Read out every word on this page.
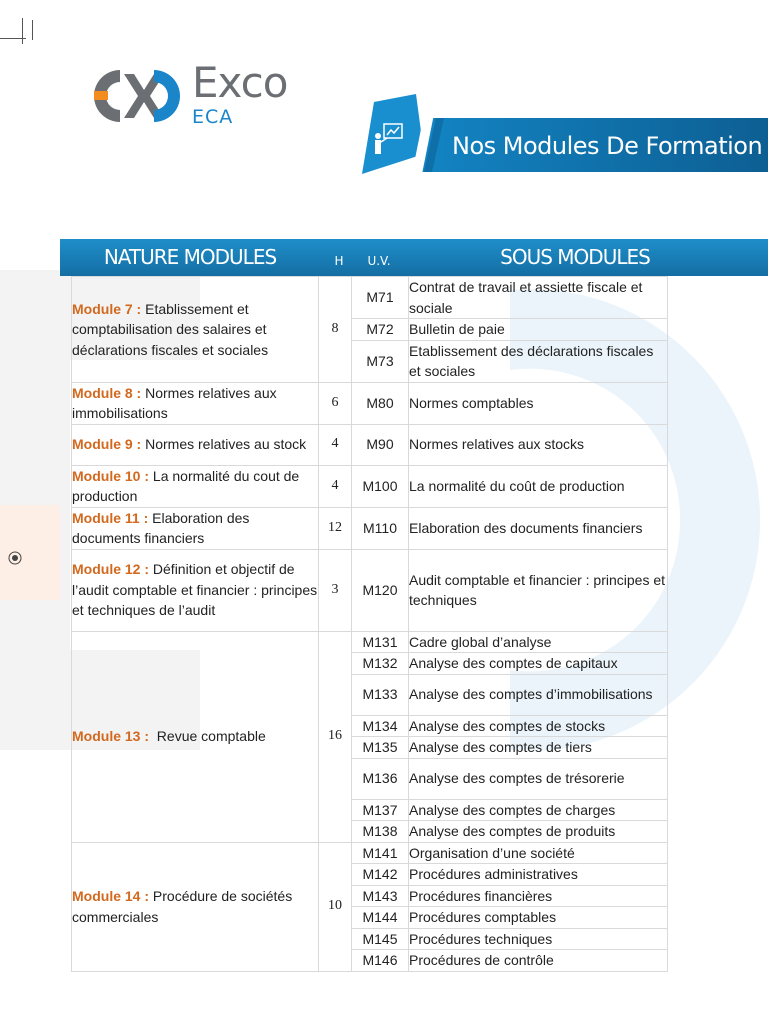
Exco
ECA
Nos Modules De Formation
NATURE MODULES	H	U.V.	SOUS MODULES
Module 7 : Etablissement et comptabilisation des salaires et déclarations fiscales et sociales	8	M71	Contrat de travail et assiette fiscale et sociale
		M72	Bulletin de paie
		M73	Etablissement des déclarations fiscales et sociales
Module 8 : Normes relatives aux immobilisations	6	M80	Normes comptables
Module 9 : Normes relatives au stock	4	M90	Normes relatives aux stocks
Module 10 : La normalité du cout de production	4	M100	La normalité du coût de production
Module 11 : Elaboration des documents financiers	12	M110	Elaboration des documents financiers
Module 12 : Définition et objectif de l’audit comptable et financier : principes et techniques de l’audit	3	M120	Audit comptable et financier : principes et techniques
Module 13 :  Revue comptable	16	M131	Cadre global d’analyse
		M132	Analyse des comptes de capitaux
		M133	Analyse des comptes d’immobilisations
		M134	Analyse des comptes de stocks
		M135	Analyse des comptes de tiers
		M136	Analyse des comptes de trésorerie
		M137	Analyse des comptes de charges
		M138	Analyse des comptes de produits
Module 14 : Procédure de sociétés commerciales	10	M141	Organisation d’une société
		M142	Procédures administratives
		M143	Procédures financières
		M144	Procédures comptables
		M145	Procédures techniques
		M146	Procédures de contrôle
